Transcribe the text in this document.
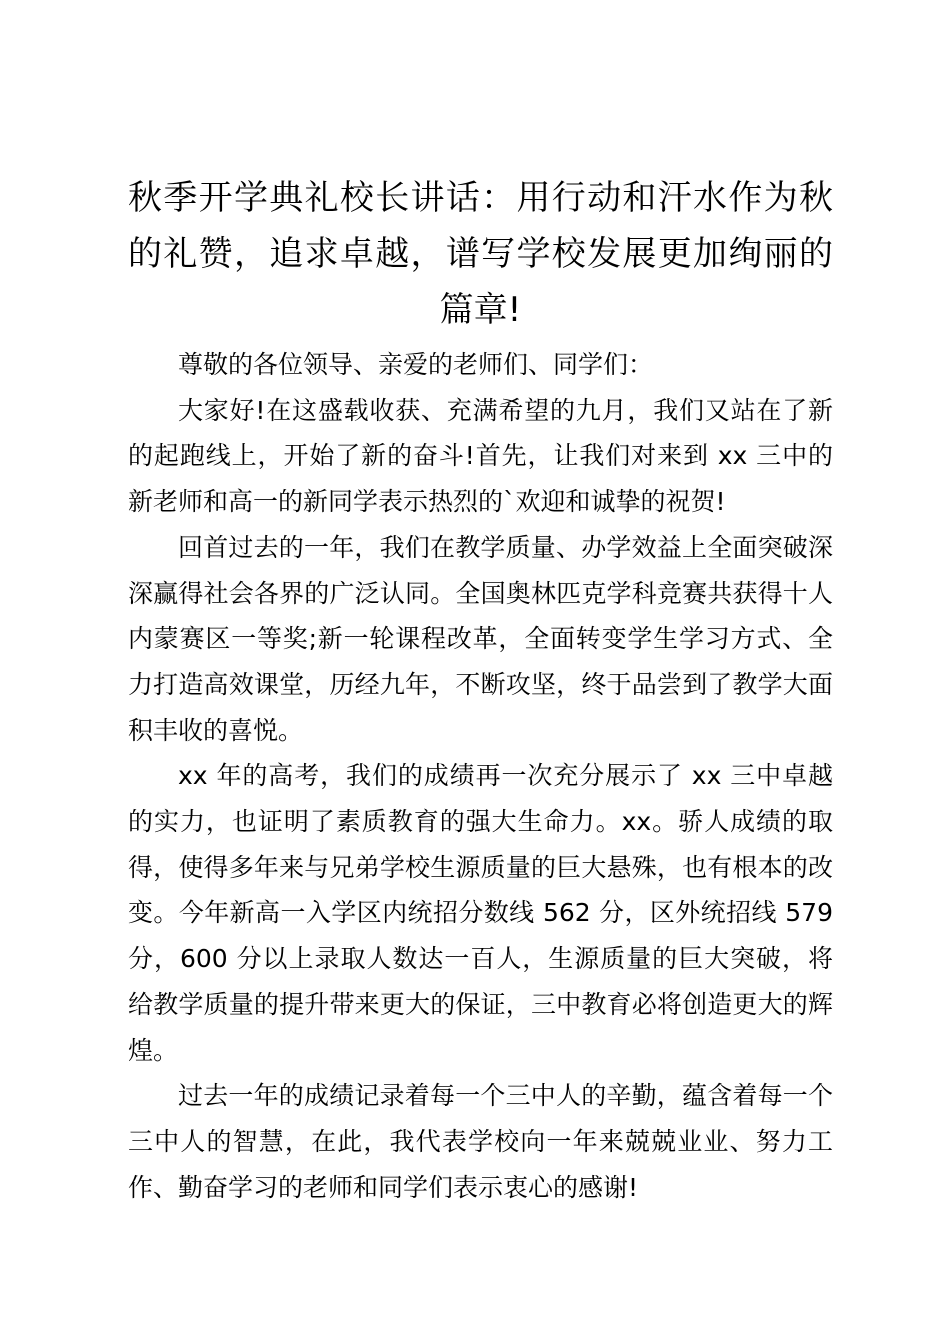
秋季开学典礼校长讲话：用行动和汗水作为秋的礼赞，追求卓越，谱写学校发展更加绚丽的篇章!

尊敬的各位领导、亲爱的老师们、同学们：

大家好!在这盛载收获、充满希望的九月，我们又站在了新的起跑线上，开始了新的奋斗!首先，让我们对来到 xx 三中的新老师和高一的新同学表示热烈的`欢迎和诚挚的祝贺!

回首过去的一年，我们在教学质量、办学效益上全面突破深深赢得社会各界的广泛认同。全国奥林匹克学科竞赛共获得十人内蒙赛区一等奖;新一轮课程改革，全面转变学生学习方式、全力打造高效课堂，历经九年，不断攻坚，终于品尝到了教学大面积丰收的喜悦。

xx 年的高考，我们的成绩再一次充分展示了 xx 三中卓越的实力，也证明了素质教育的强大生命力。xx。骄人成绩的取得，使得多年来与兄弟学校生源质量的巨大悬殊，也有根本的改变。今年新高一入学区内统招分数线 562 分，区外统招线 579 分，600 分以上录取人数达一百人，生源质量的巨大突破，将给教学质量的提升带来更大的保证，三中教育必将创造更大的辉煌。

过去一年的成绩记录着每一个三中人的辛勤，蕴含着每一个三中人的智慧，在此，我代表学校向一年来兢兢业业、努力工作、勤奋学习的老师和同学们表示衷心的感谢!
